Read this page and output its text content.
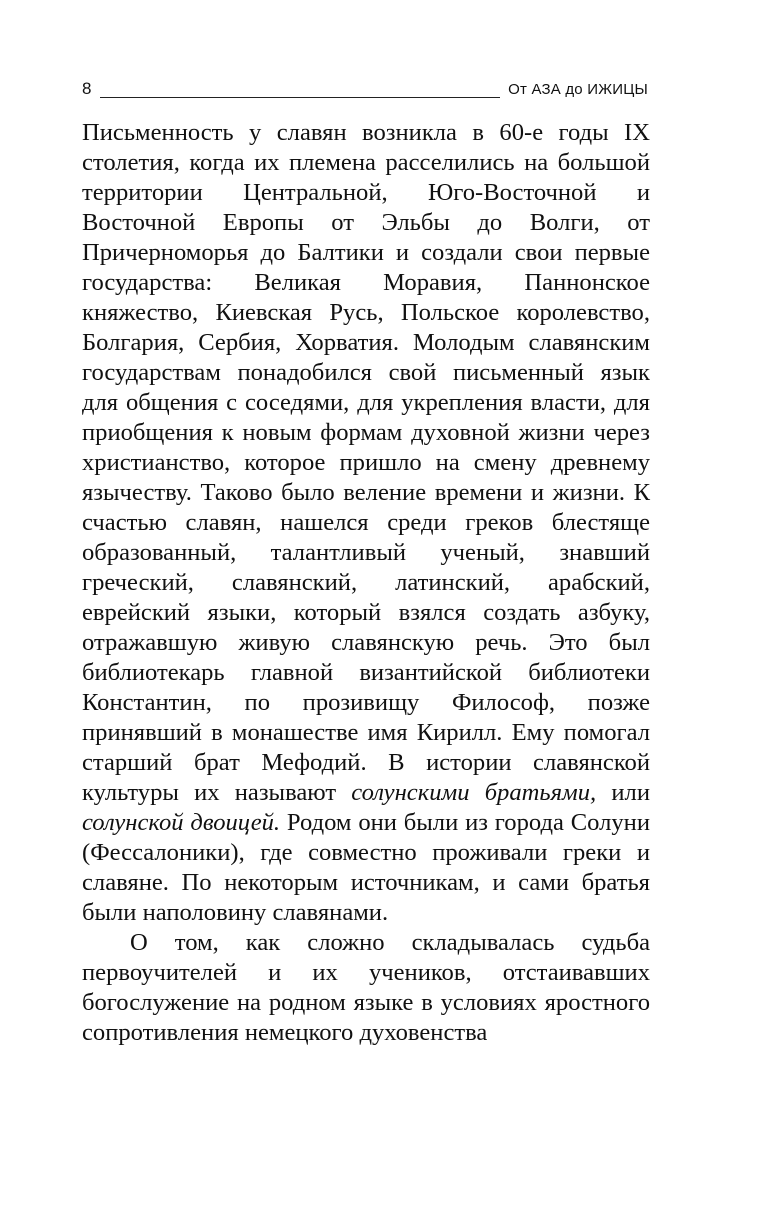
8	От АЗА до ИЖИЦЫ

Письменность у славян возникла в 60-е годы IX столетия, когда их племена расселились на большой территории Центральной, Юго-Восточной и Восточной Европы от Эльбы до Волги, от Причерноморья до Балтики и создали свои первые государства: Великая Моравия, Паннонское княжество, Киевская Русь, Польское королевство, Болгария, Сербия, Хорватия. Молодым славянским государствам понадобился свой письменный язык для общения с соседями, для укрепления власти, для приобщения к новым формам духовной жизни через христианство, которое пришло на смену древнему язычеству. Таково было веление времени и жизни. К счастью славян, нашелся среди греков блестяще образованный, талантливый ученый, знавший греческий, славянский, латинский, арабский, еврейский языки, который взялся создать азбуку, отражавшую живую славянскую речь. Это был библиотекарь главной византийской библиотеки Константин, по прозивищу Философ, позже принявший в монашестве имя Кирилл. Ему помогал старший брат Мефодий. В истории славянской культуры их называют солунскими братьями, или солунской двоицей. Родом они были из города Солуни (Фессалоники), где совместно проживали греки и славяне. По некоторым источникам, и сами братья были наполовину славянами.

О том, как сложно складывалась судьба первоучителей и их учеников, отстаивавших богослужение на родном языке в условиях яростного сопротивления немецкого духовенства
